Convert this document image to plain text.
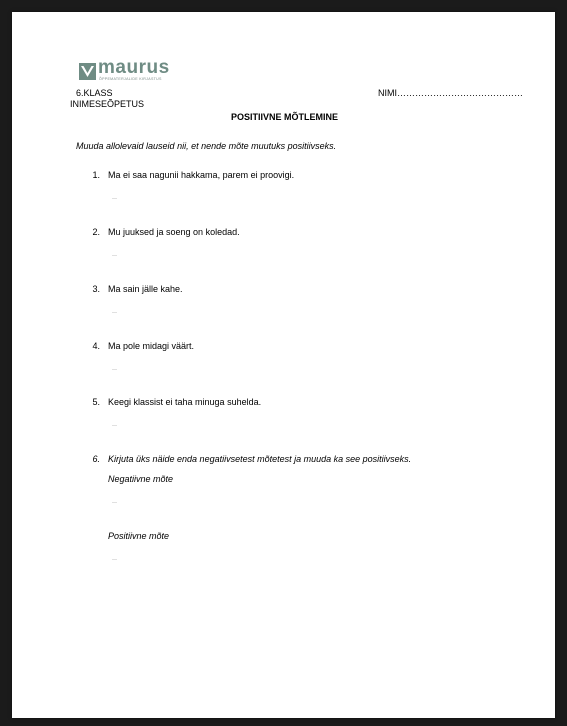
maurus
ÕPPEMATERJALIDE KIRJASTUS
6.KLASS
INIMESEÕPETUS
NIMI……………………………………
POSITIIVNE MÕTLEMINE
Muuda allolevaid lauseid nii, et nende mõte muutuks positiivseks.
1. Ma ei saa nagunii hakkama, parem ei proovigi.
2. Mu juuksed ja soeng on koledad.
3. Ma sain jälle kahe.
4. Ma pole midagi väärt.
5. Keegi klassist ei taha minuga suhelda.
6. Kirjuta üks näide enda negatiivsetest mõtetest ja muuda ka see positiivseks.
Negatiivne mõte
Positiivne mõte
